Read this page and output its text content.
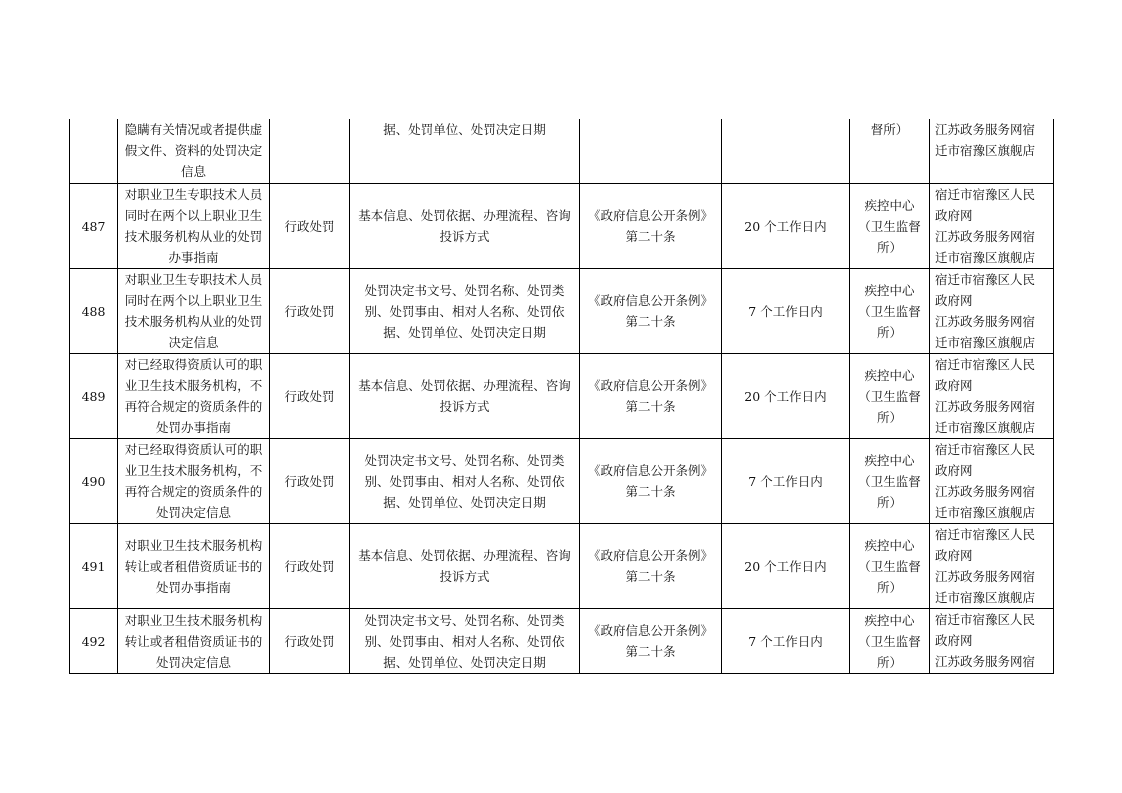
	隐瞒有关情况或者提供虚假文件、资料的处罚决定信息		据、处罚单位、处罚决定日期			督所）	江苏政务服务网宿
迁市宿豫区旗舰店

487	对职业卫生专职技术人员同时在两个以上职业卫生技术服务机构从业的处罚办事指南	行政处罚	基本信息、处罚依据、办理流程、咨询投诉方式	《政府信息公开条例》第二十条	20 个工作日内	疾控中心（卫生监督所）	宿迁市宿豫区人民
政府网
江苏政务服务网宿
迁市宿豫区旗舰店

488	对职业卫生专职技术人员同时在两个以上职业卫生技术服务机构从业的处罚决定信息	行政处罚	处罚决定书文号、处罚名称、处罚类别、处罚事由、相对人名称、处罚依据、处罚单位、处罚决定日期	《政府信息公开条例》第二十条	7 个工作日内	疾控中心（卫生监督所）	宿迁市宿豫区人民
政府网
江苏政务服务网宿
迁市宿豫区旗舰店

489	对已经取得资质认可的职业卫生技术服务机构，不再符合规定的资质条件的处罚办事指南	行政处罚	基本信息、处罚依据、办理流程、咨询投诉方式	《政府信息公开条例》第二十条	20 个工作日内	疾控中心（卫生监督所）	宿迁市宿豫区人民
政府网
江苏政务服务网宿
迁市宿豫区旗舰店

490	对已经取得资质认可的职业卫生技术服务机构，不再符合规定的资质条件的处罚决定信息	行政处罚	处罚决定书文号、处罚名称、处罚类别、处罚事由、相对人名称、处罚依据、处罚单位、处罚决定日期	《政府信息公开条例》第二十条	7 个工作日内	疾控中心（卫生监督所）	宿迁市宿豫区人民
政府网
江苏政务服务网宿
迁市宿豫区旗舰店

491	对职业卫生技术服务机构转让或者租借资质证书的处罚办事指南	行政处罚	基本信息、处罚依据、办理流程、咨询投诉方式	《政府信息公开条例》第二十条	20 个工作日内	疾控中心（卫生监督所）	宿迁市宿豫区人民
政府网
江苏政务服务网宿
迁市宿豫区旗舰店

492	对职业卫生技术服务机构转让或者租借资质证书的处罚决定信息	行政处罚	处罚决定书文号、处罚名称、处罚类别、处罚事由、相对人名称、处罚依据、处罚单位、处罚决定日期	《政府信息公开条例》第二十条	7 个工作日内	疾控中心（卫生监督所）	宿迁市宿豫区人民
政府网
江苏政务服务网宿
